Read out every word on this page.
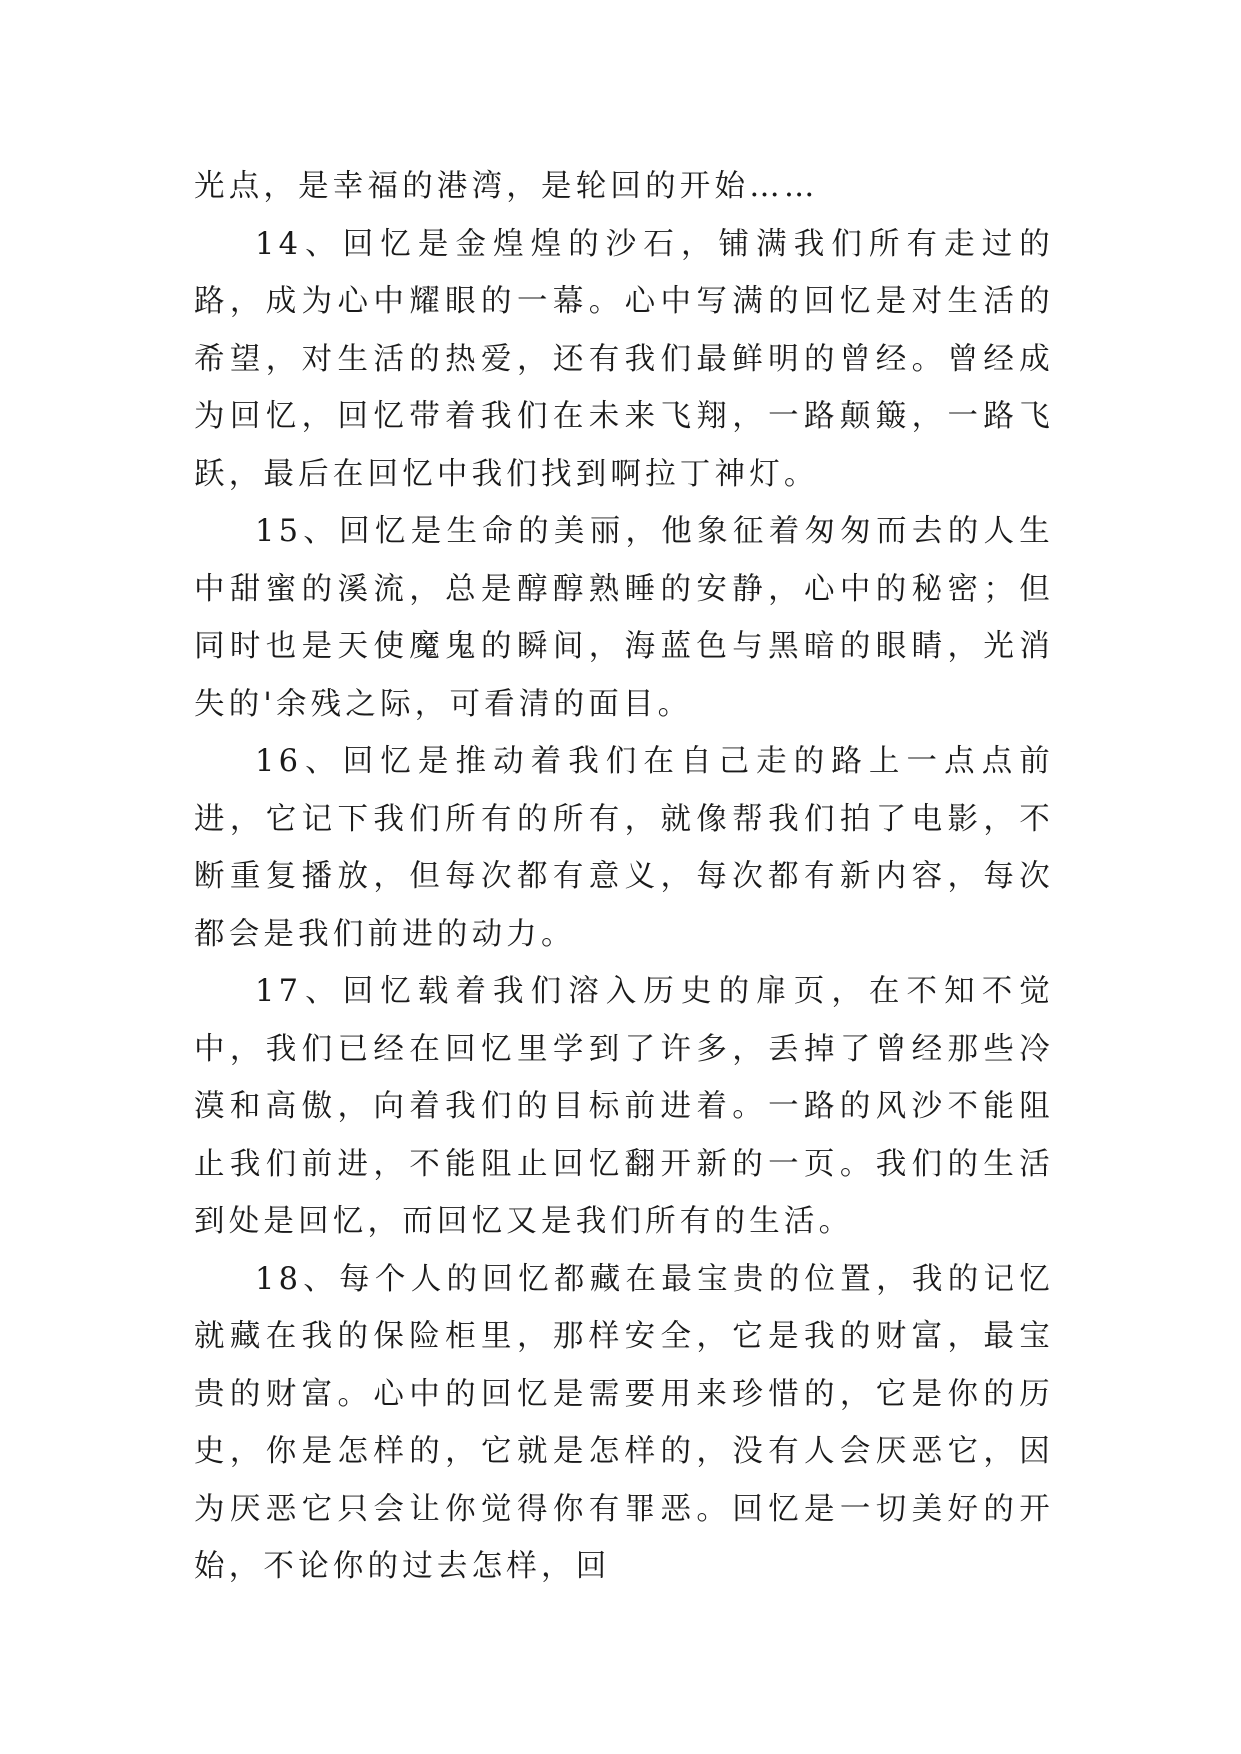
光点，是幸福的港湾，是轮回的开始……

14、回忆是金煌煌的沙石，铺满我们所有走过的路，成为心中耀眼的一幕。心中写满的回忆是对生活的希望，对生活的热爱，还有我们最鲜明的曾经。曾经成为回忆，回忆带着我们在未来飞翔，一路颠簸，一路飞跃，最后在回忆中我们找到啊拉丁神灯。

15、回忆是生命的美丽，他象征着匆匆而去的人生中甜蜜的溪流，总是醇醇熟睡的安静，心中的秘密；但同时也是天使魔鬼的瞬间，海蓝色与黑暗的眼睛，光消失的'余残之际，可看清的面目。

16、回忆是推动着我们在自己走的路上一点点前进，它记下我们所有的所有，就像帮我们拍了电影，不断重复播放，但每次都有意义，每次都有新内容，每次都会是我们前进的动力。

17、回忆载着我们溶入历史的扉页，在不知不觉中，我们已经在回忆里学到了许多，丢掉了曾经那些冷漠和高傲，向着我们的目标前进着。一路的风沙不能阻止我们前进，不能阻止回忆翻开新的一页。我们的生活到处是回忆，而回忆又是我们所有的生活。

18、每个人的回忆都藏在最宝贵的位置，我的记忆就藏在我的保险柜里，那样安全，它是我的财富，最宝贵的财富。心中的回忆是需要用来珍惜的，它是你的历史，你是怎样的，它就是怎样的，没有人会厌恶它，因为厌恶它只会让你觉得你有罪恶。回忆是一切美好的开始，不论你的过去怎样，回
